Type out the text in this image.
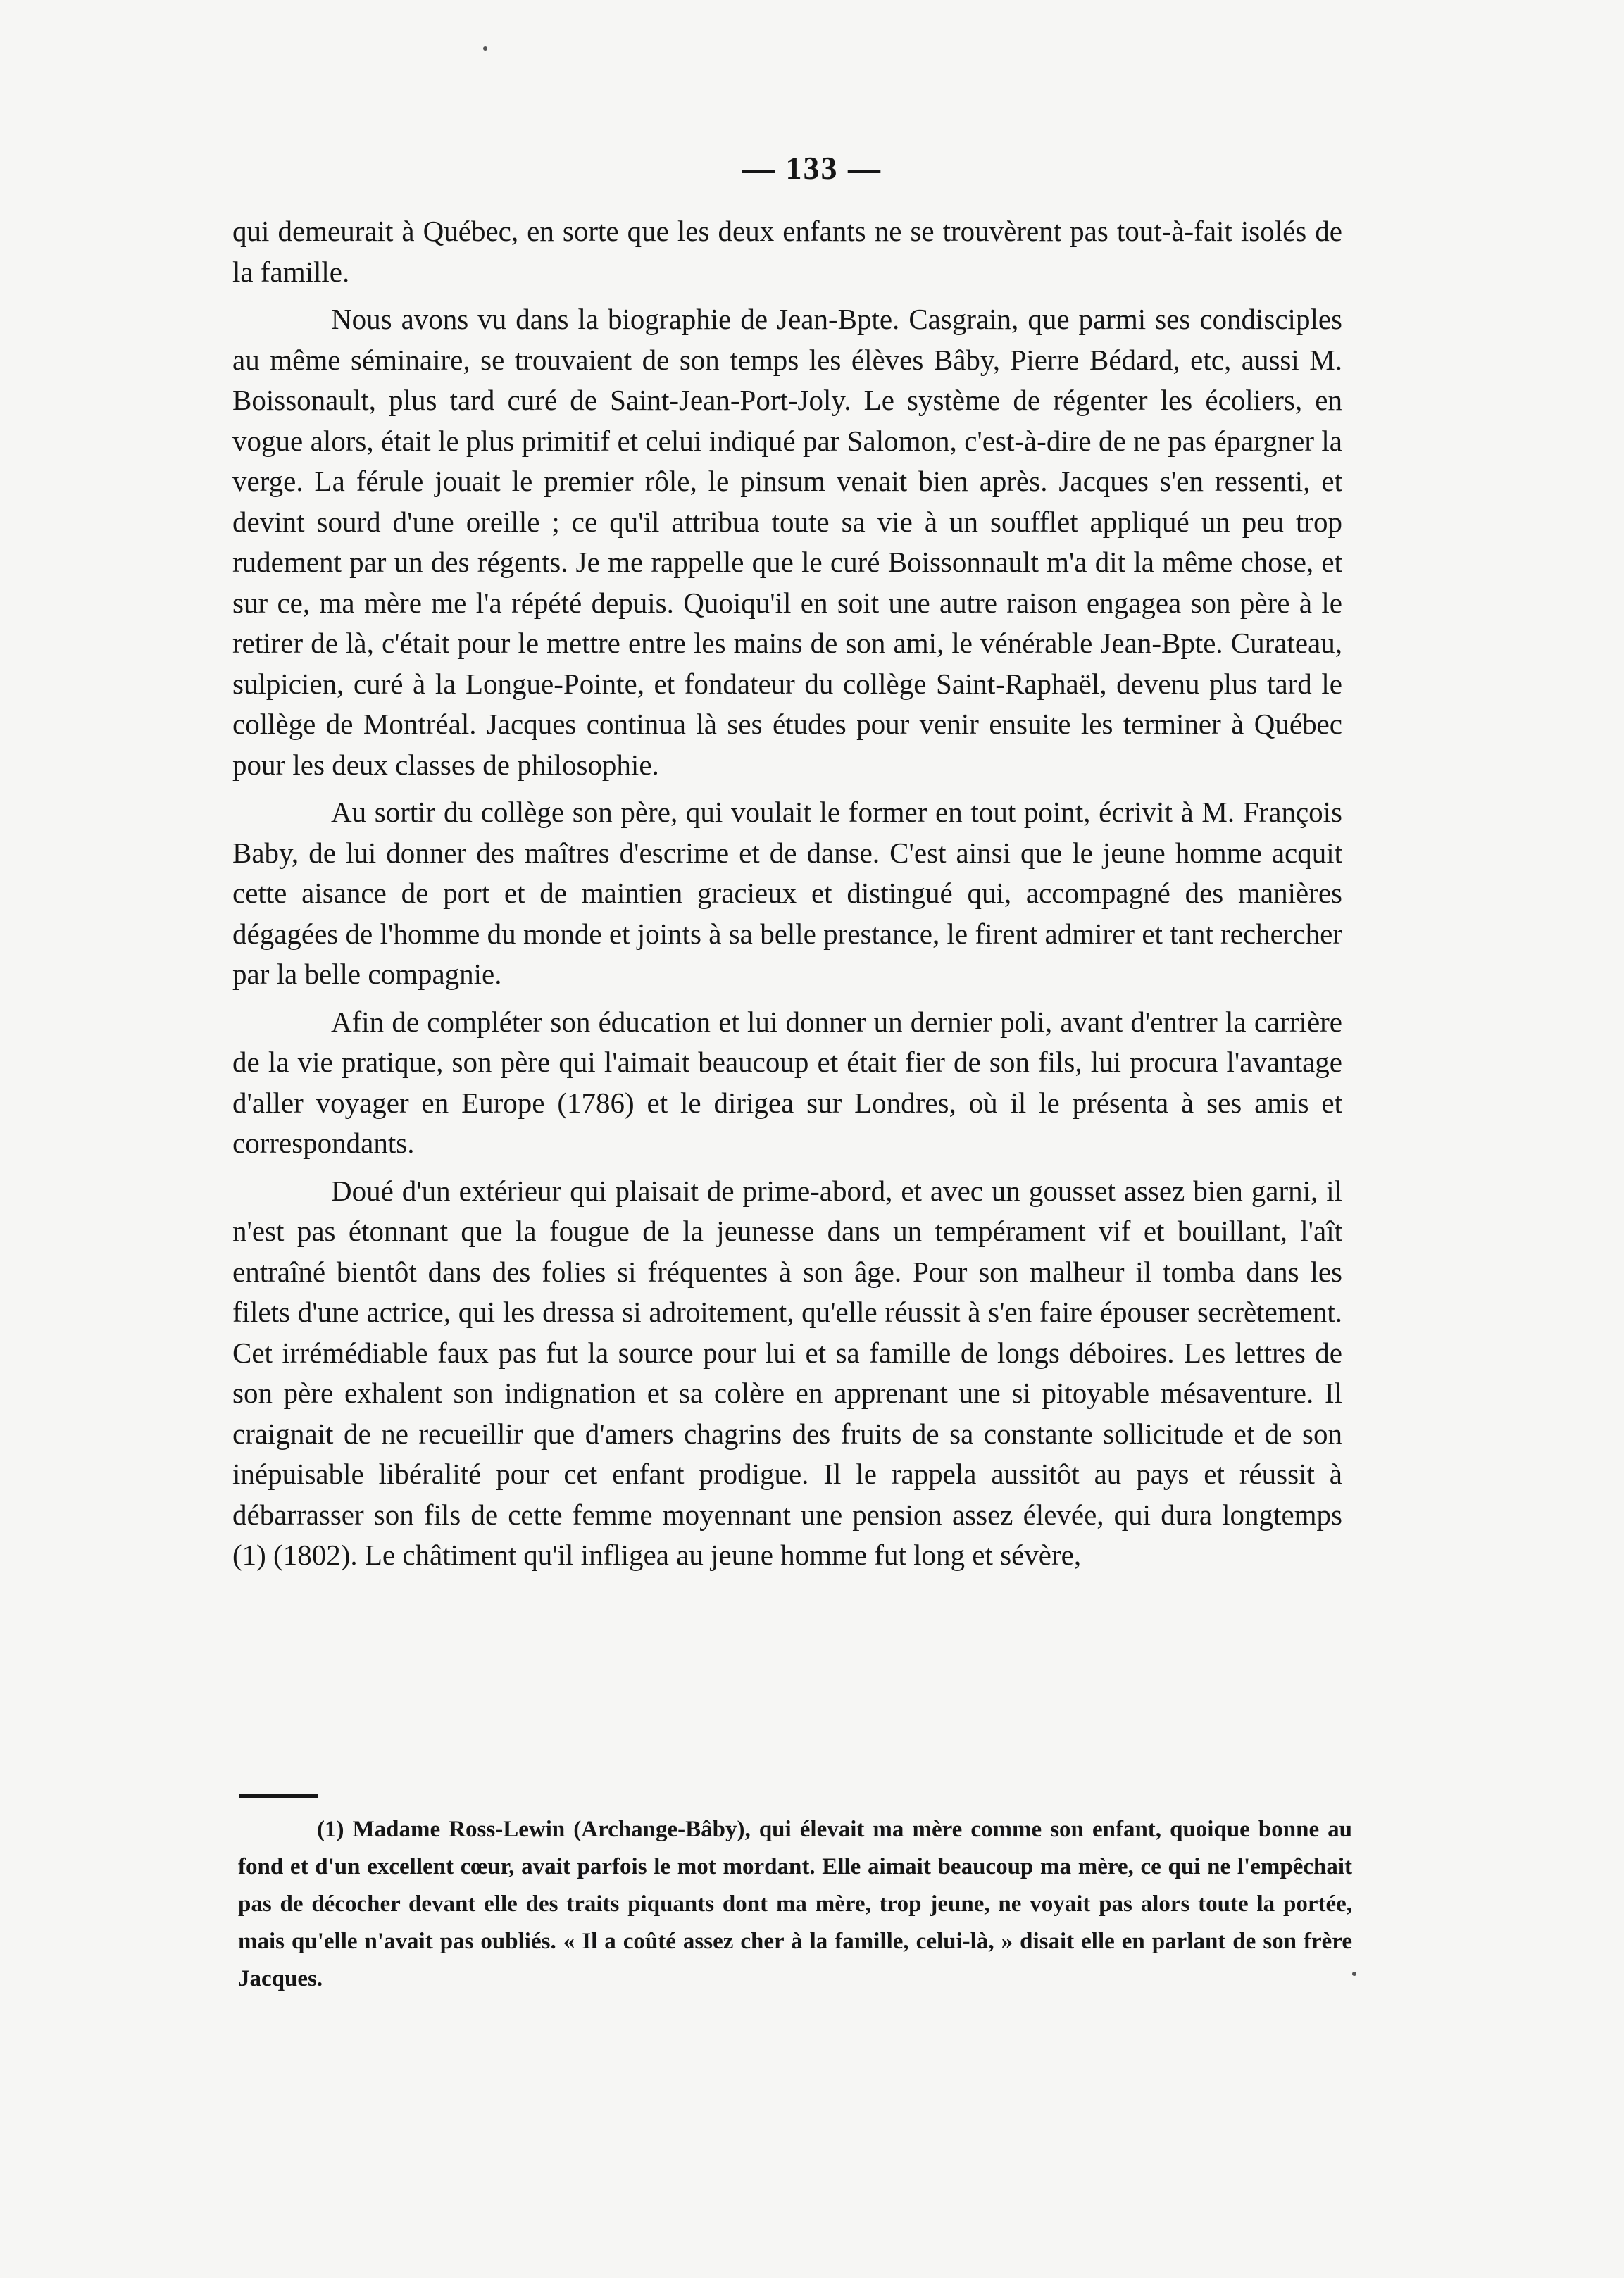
— 133 —

qui demeurait à Québec, en sorte que les deux enfants ne se trouvèrent pas tout-à-fait isolés de la famille.

Nous avons vu dans la biographie de Jean-Bpte. Casgrain, que parmi ses condisciples au même séminaire, se trouvaient de son temps les élèves Bâby, Pierre Bédard, etc, aussi M. Boissonault, plus tard curé de Saint-Jean-Port-Joly. Le système de régenter les écoliers, en vogue alors, était le plus primitif et celui indiqué par Salomon, c'est-à-dire de ne pas épargner la verge. La férule jouait le premier rôle, le pinsum venait bien après. Jacques s'en ressenti, et devint sourd d'une oreille ; ce qu'il attribua toute sa vie à un soufflet appliqué un peu trop rudement par un des régents. Je me rappelle que le curé Boissonnault m'a dit la même chose, et sur ce, ma mère me l'a répété depuis. Quoiqu'il en soit une autre raison engagea son père à le retirer de là, c'était pour le mettre entre les mains de son ami, le vénérable Jean-Bpte. Curateau, sulpicien, curé à la Longue-Pointe, et fondateur du collège Saint-Raphaël, devenu plus tard le collège de Montréal. Jacques continua là ses études pour venir ensuite les terminer à Québec pour les deux classes de philosophie.

Au sortir du collège son père, qui voulait le former en tout point, écrivit à M. François Baby, de lui donner des maîtres d'escrime et de danse. C'est ainsi que le jeune homme acquit cette aisance de port et de maintien gracieux et distingué qui, accompagné des manières dégagées de l'homme du monde et joints à sa belle prestance, le firent admirer et tant rechercher par la belle compagnie.

Afin de compléter son éducation et lui donner un dernier poli, avant d'entrer la carrière de la vie pratique, son père qui l'aimait beaucoup et était fier de son fils, lui procura l'avantage d'aller voyager en Europe (1786) et le dirigea sur Londres, où il le présenta à ses amis et correspondants.

Doué d'un extérieur qui plaisait de prime-abord, et avec un gousset assez bien garni, il n'est pas étonnant que la fougue de la jeunesse dans un tempérament vif et bouillant, l'aît entraîné bientôt dans des folies si fréquentes à son âge. Pour son malheur il tomba dans les filets d'une actrice, qui les dressa si adroitement, qu'elle réussit à s'en faire épouser secrètement. Cet irrémédiable faux pas fut la source pour lui et sa famille de longs déboires. Les lettres de son père exhalent son indignation et sa colère en apprenant une si pitoyable mésaventure. Il craignait de ne recueillir que d'amers chagrins des fruits de sa constante sollicitude et de son inépuisable libéralité pour cet enfant prodigue. Il le rappela aussitôt au pays et réussit à débarrasser son fils de cette femme moyennant une pension assez élevée, qui dura longtemps (1) (1802). Le châtiment qu'il infligea au jeune homme fut long et sévère,

(1) Madame Ross-Lewin (Archange-Bâby), qui élevait ma mère comme son enfant, quoique bonne au fond et d'un excellent cœur, avait parfois le mot mordant. Elle aimait beaucoup ma mère, ce qui ne l'empêchait pas de décocher devant elle des traits piquants dont ma mère, trop jeune, ne voyait pas alors toute la portée, mais qu'elle n'avait pas oubliés. « Il a coûté assez cher à la famille, celui-là, » disait elle en parlant de son frère Jacques.
